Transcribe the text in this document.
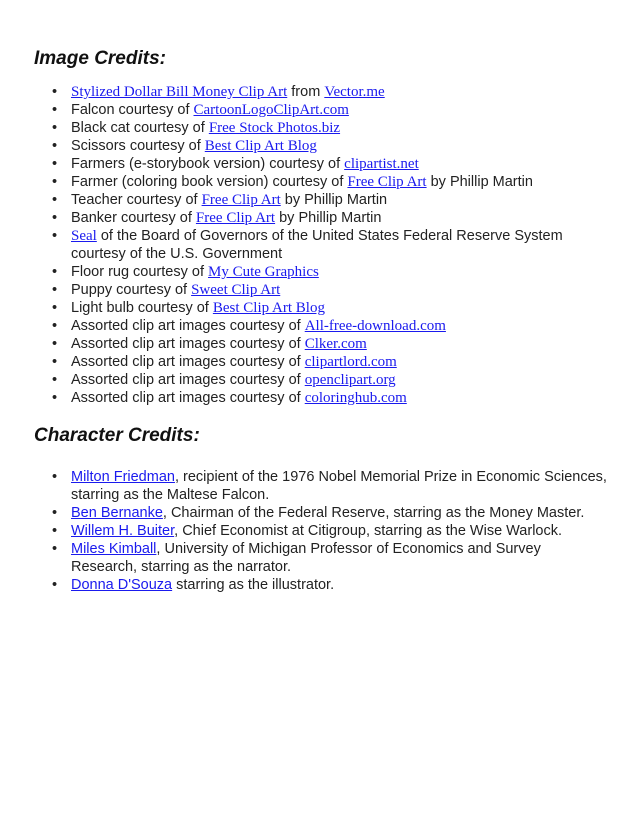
Image Credits:
• Stylized Dollar Bill Money Clip Art from Vector.me
• Falcon courtesy of CartoonLogoClipArt.com
• Black cat courtesy of Free Stock Photos.biz
• Scissors courtesy of Best Clip Art Blog
• Farmers (e-storybook version) courtesy of clipartist.net
• Farmer (coloring book version) courtesy of Free Clip Art by Phillip Martin
• Teacher courtesy of Free Clip Art by Phillip Martin
• Banker courtesy of Free Clip Art by Phillip Martin
• Seal of the Board of Governors of the United States Federal Reserve System courtesy of the U.S. Government
• Floor rug courtesy of My Cute Graphics
• Puppy courtesy of Sweet Clip Art
• Light bulb courtesy of Best Clip Art Blog
• Assorted clip art images courtesy of All-free-download.com
• Assorted clip art images courtesy of Clker.com
• Assorted clip art images courtesy of clipartlord.com
• Assorted clip art images courtesy of openclipart.org
• Assorted clip art images courtesy of coloringhub.com
Character Credits:
• Milton Friedman, recipient of the 1976 Nobel Memorial Prize in Economic Sciences, starring as the Maltese Falcon.
• Ben Bernanke, Chairman of the Federal Reserve, starring as the Money Master.
• Willem H. Buiter, Chief Economist at Citigroup, starring as the Wise Warlock.
• Miles Kimball, University of Michigan Professor of Economics and Survey Research, starring as the narrator.
• Donna D'Souza starring as the illustrator.
